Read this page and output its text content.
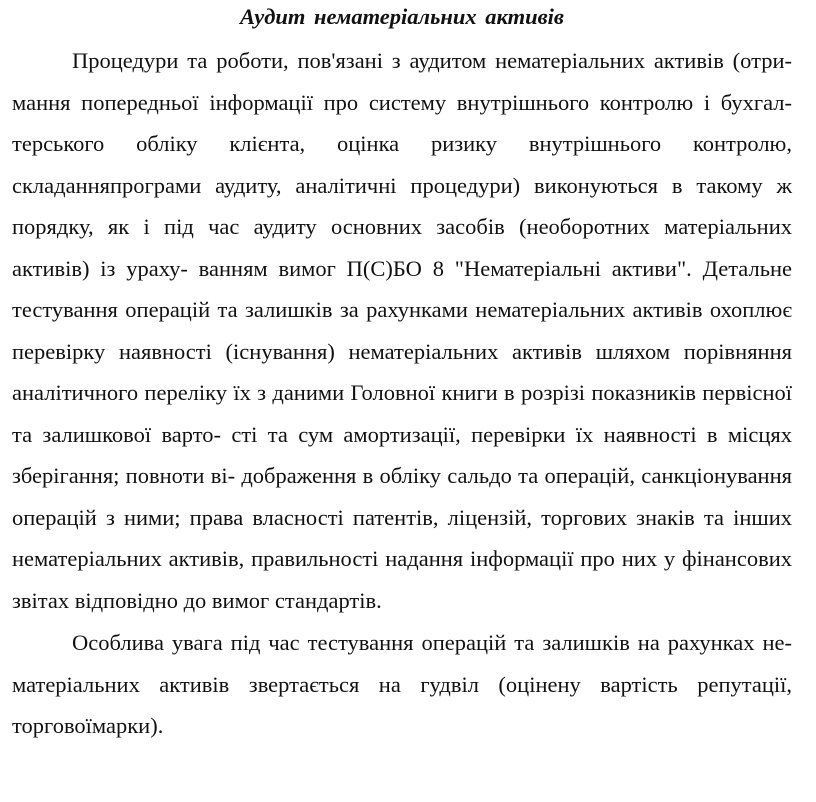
Аудит нематеріальних активів

Процедури та роботи, пов'язані з аудитом нематеріальних активів (отри- мання попередньої інформації про систему внутрішнього контролю і бухгал- терського обліку клієнта, оцінка ризику внутрішнього контролю, складанняпрограми аудиту, аналітичні процедури) виконуються в такому ж порядку, як і під час аудиту основних засобів (необоротних матеріальних активів) із ураху- ванням вимог П(С)БО 8 "Нематеріальні активи". Детальне тестування операцій та залишків за рахунками нематеріальних активів охоплює перевірку наявності (існування) нематеріальних активів шляхом порівняння аналітичного переліку їх з даними Головної книги в розрізі показників первісної та залишкової варто- сті та сум амортизації, перевірки їх наявності в місцях зберігання; повноти ві- дображення в обліку сальдо та операцій, санкціонування операцій з ними; права власності патентів, ліцензій, торгових знаків та інших нематеріальних активів, правильності надання інформації про них у фінансових звітах відповідно до вимог стандартів.

Особлива увага під час тестування операцій та залишків на рахунках не- матеріальних активів звертається на гудвіл (оцінену вартість репутації, торговоїмарки).
